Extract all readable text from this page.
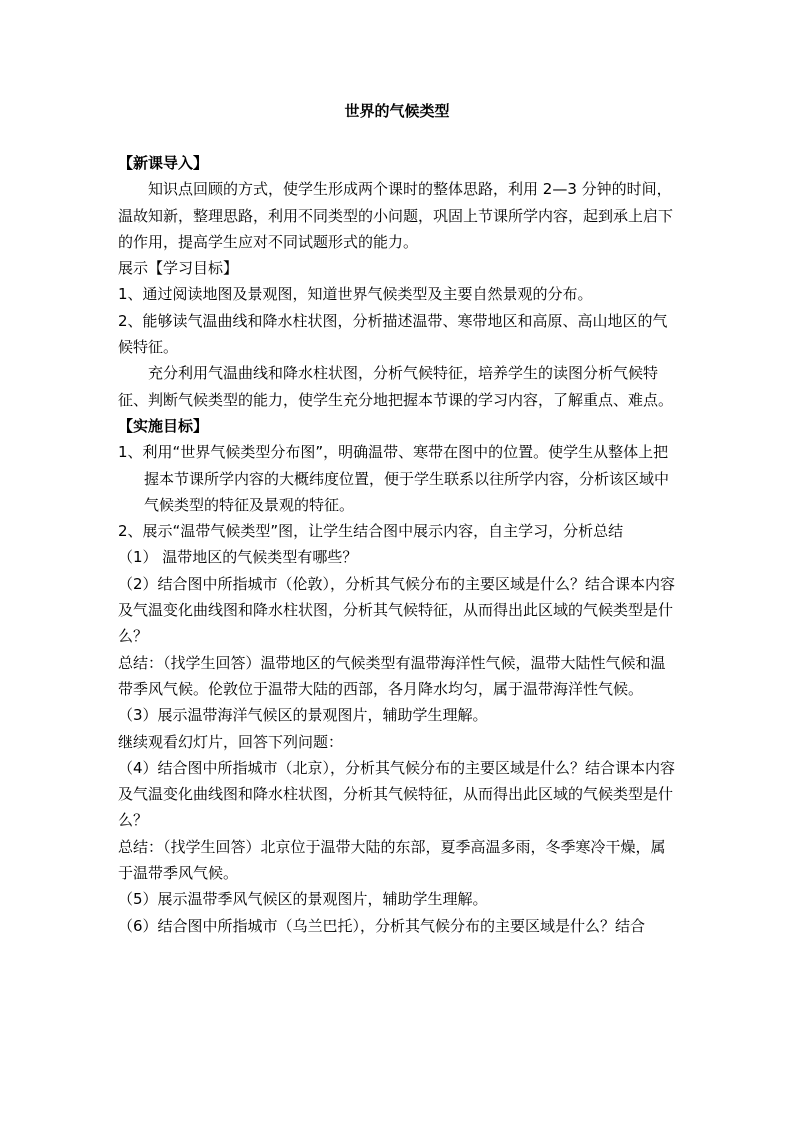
世界的气候类型

【新课导入】

知识点回顾的方式，使学生形成两个课时的整体思路，利用 2—3 分钟的时间，温故知新，整理思路，利用不同类型的小问题，巩固上节课所学内容，起到承上启下的作用，提高学生应对不同试题形式的能力。

展示【学习目标】

1、通过阅读地图及景观图，知道世界气候类型及主要自然景观的分布。

2、能够读气温曲线和降水柱状图，分析描述温带、寒带地区和高原、高山地区的气候特征。

充分利用气温曲线和降水柱状图，分析气候特征，培养学生的读图分析气候特征、判断气候类型的能力，使学生充分地把握本节课的学习内容，了解重点、难点。

【实施目标】

1、利用“世界气候类型分布图”，明确温带、寒带在图中的位置。使学生从整体上把握本节课所学内容的大概纬度位置，便于学生联系以往所学内容，分析该区域中气候类型的特征及景观的特征。

2、展示“温带气候类型”图，让学生结合图中展示内容，自主学习，分析总结

（1） 温带地区的气候类型有哪些？

（2）结合图中所指城市（伦敦），分析其气候分布的主要区域是什么？结合课本内容及气温变化曲线图和降水柱状图，分析其气候特征，从而得出此区域的气候类型是什么？

总结：（找学生回答）温带地区的气候类型有温带海洋性气候，温带大陆性气候和温带季风气候。伦敦位于温带大陆的西部，各月降水均匀，属于温带海洋性气候。

（3）展示温带海洋气候区的景观图片，辅助学生理解。

继续观看幻灯片，回答下列问题：

（4）结合图中所指城市（北京），分析其气候分布的主要区域是什么？结合课本内容及气温变化曲线图和降水柱状图，分析其气候特征，从而得出此区域的气候类型是什么？

总结：（找学生回答）北京位于温带大陆的东部，夏季高温多雨，冬季寒冷干燥，属于温带季风气候。

（5）展示温带季风气候区的景观图片，辅助学生理解。

（6）结合图中所指城市（乌兰巴托），分析其气候分布的主要区域是什么？结合
